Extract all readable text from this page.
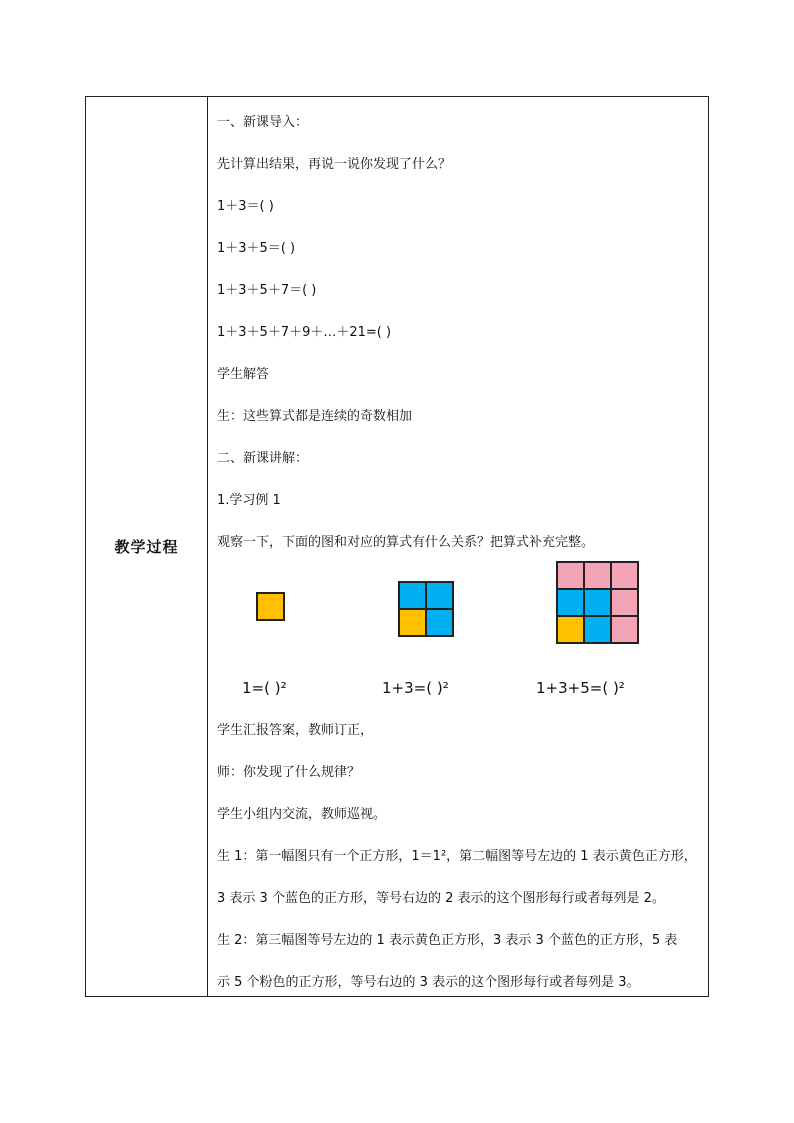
教学过程
一、新课导入：
先计算出结果，再说一说你发现了什么？
1＋3＝( )
1＋3＋5＝( )
1＋3＋5＋7＝( )
1＋3＋5＋7＋9＋…＋21=( )
学生解答
生：这些算式都是连续的奇数相加
二、新课讲解：
1.学习例 1
观察一下，下面的图和对应的算式有什么关系？把算式补充完整。
1=( )²	1+3=( )²	1+3+5=( )²
学生汇报答案，教师订正，
师：你发现了什么规律？
学生小组内交流，教师巡视。
生 1：第一幅图只有一个正方形，1＝1²，第二幅图等号左边的 1 表示黄色正方形，
3 表示 3 个蓝色的正方形，等号右边的 2 表示的这个图形每行或者每列是 2。
生 2：第三幅图等号左边的 1 表示黄色正方形，3 表示 3 个蓝色的正方形，5 表
示 5 个粉色的正方形，等号右边的 3 表示的这个图形每行或者每列是 3。
